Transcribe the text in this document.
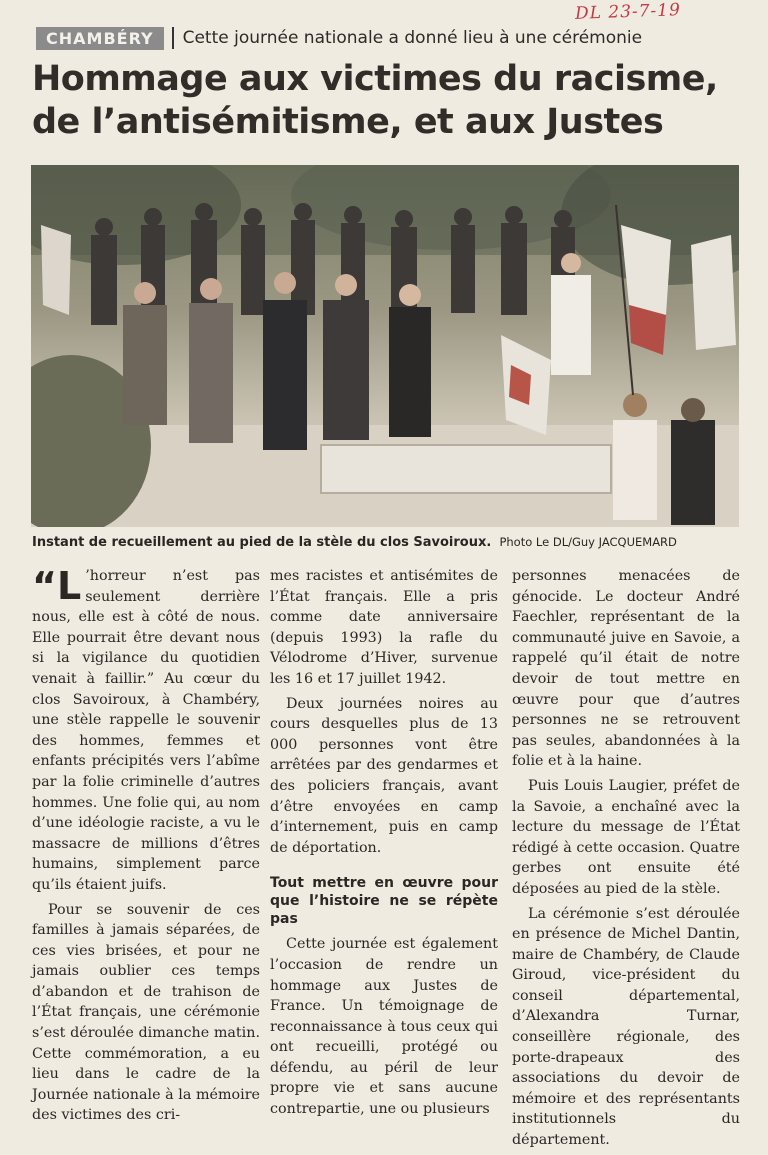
DL 23-7-19
CHAMBÉRY	Cette journée nationale a donné lieu à une cérémonie
Hommage aux victimes du racisme, de l’antisémitisme, et aux Justes
Instant de recueillement au pied de la stèle du clos Savoiroux. Photo Le DL/Guy JACQUEMARD

“L ’horreur n’est pas seulement derrière nous, elle est à côté de nous. Elle pourrait être devant nous si la vigilance du quotidien venait à faillir.” Au cœur du clos Savoiroux, à Chambéry, une stèle rappelle le souvenir des hommes, femmes et enfants précipités vers l’abîme par la folie criminelle d’autres hommes. Une folie qui, au nom d’une idéologie raciste, a vu le massacre de millions d’êtres humains, simplement parce qu’ils étaient juifs.

Pour se souvenir de ces familles à jamais séparées, de ces vies brisées, et pour ne jamais oublier ces temps d’abandon et de trahison de l’État français, une cérémonie s’est déroulée dimanche matin. Cette commémoration, a eu lieu dans le cadre de la Journée nationale à la mémoire des victimes des cri-

mes racistes et antisémites de l’État français. Elle a pris comme date anniversaire (depuis 1993) la rafle du Vélodrome d’Hiver, survenue les 16 et 17 juillet 1942.

Deux journées noires au cours desquelles plus de 13 000 personnes vont être arrêtées par des gendarmes et des policiers français, avant d’être envoyées en camp d’internement, puis en camp de déportation.

Tout mettre en œuvre pour que l’histoire ne se répète pas

Cette journée est également l’occasion de rendre un hommage aux Justes de France. Un témoignage de reconnaissance à tous ceux qui ont recueilli, protégé ou défendu, au péril de leur propre vie et sans aucune contrepartie, une ou plusieurs

personnes menacées de génocide. Le docteur André Faechler, représentant de la communauté juive en Savoie, a rappelé qu’il était de notre devoir de tout mettre en œuvre pour que d’autres personnes ne se retrouvent pas seules, abandonnées à la folie et à la haine.

Puis Louis Laugier, préfet de la Savoie, a enchaîné avec la lecture du message de l’État rédigé à cette occasion. Quatre gerbes ont ensuite été déposées au pied de la stèle.

La cérémonie s’est déroulée en présence de Michel Dantin, maire de Chambéry, de Claude Giroud, vice-président du conseil départemental, d’Alexandra Turnar, conseillère régionale, des porte-drapeaux des associations du devoir de mémoire et des représentants institutionnels du département.
